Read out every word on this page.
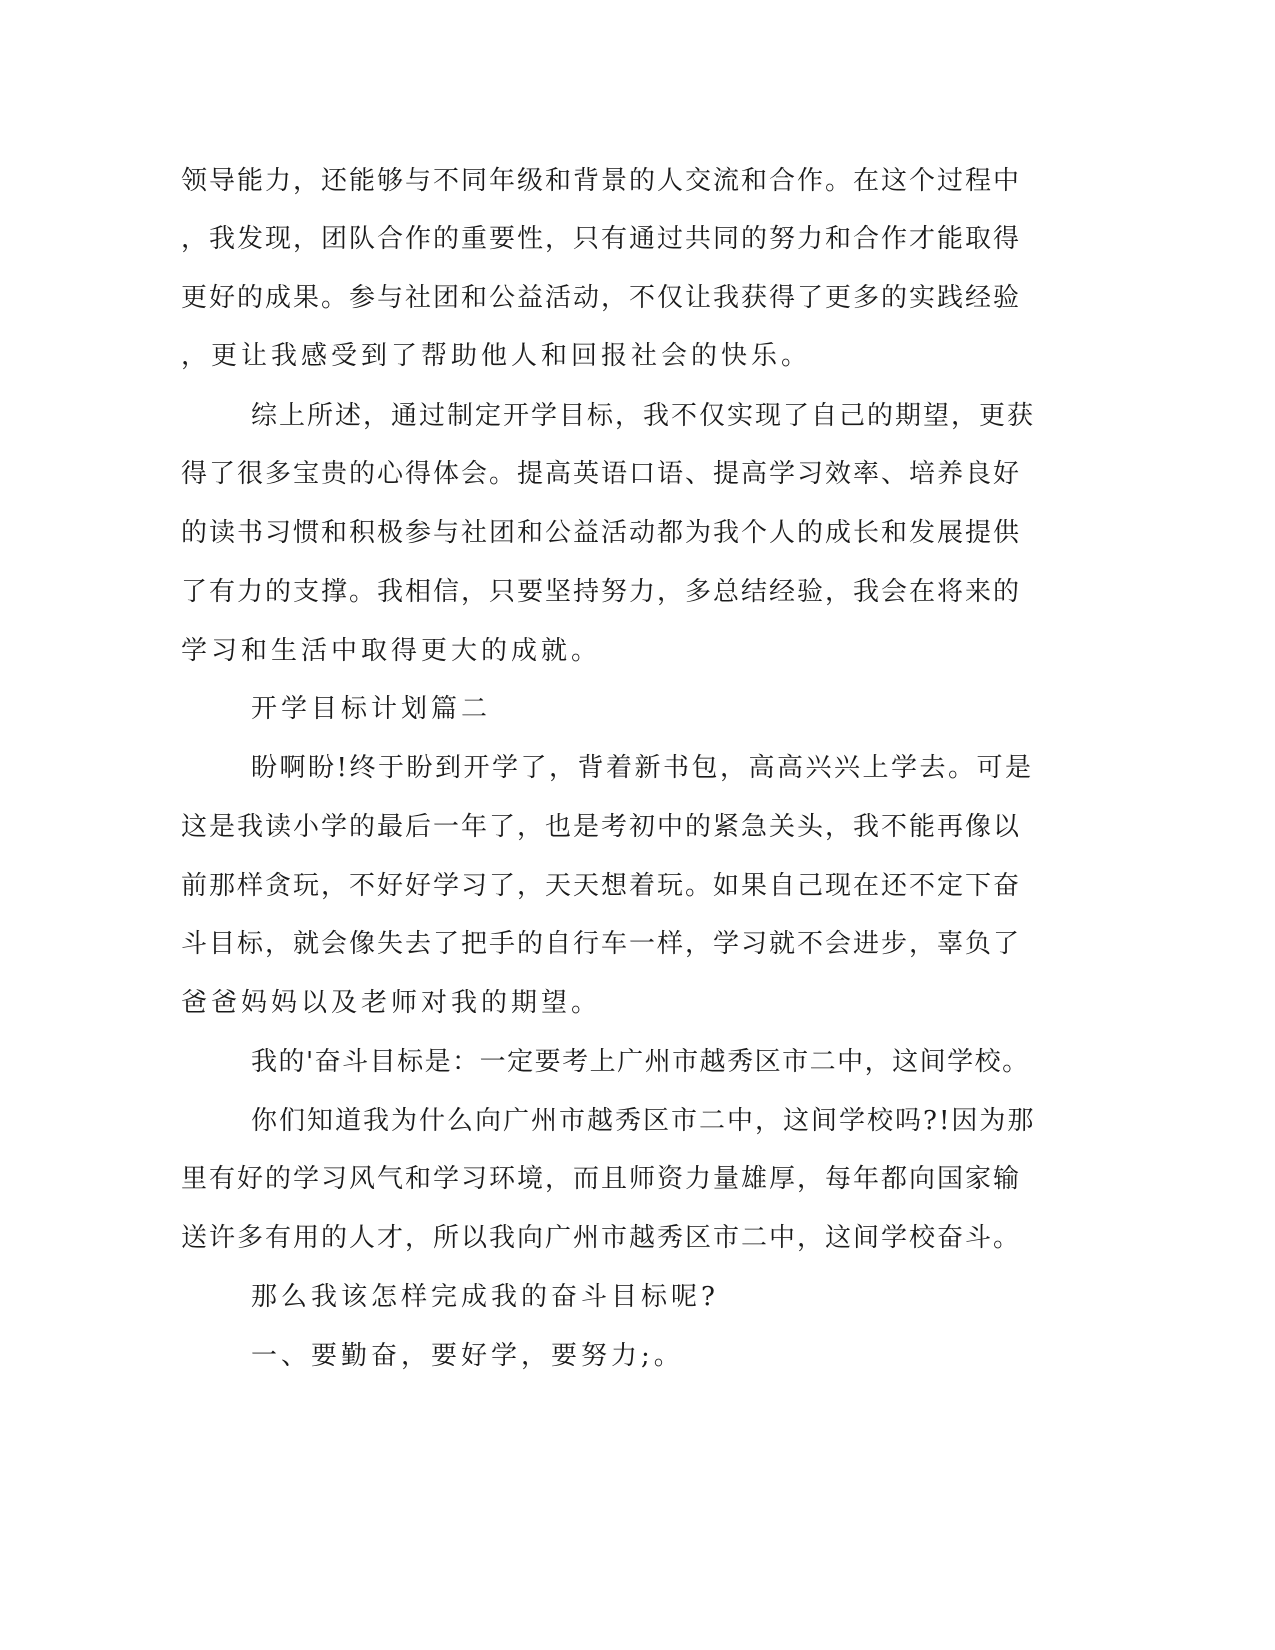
领导能力，还能够与不同年级和背景的人交流和合作。在这个过程中

，我发现，团队合作的重要性，只有通过共同的努力和合作才能取得

更好的成果。参与社团和公益活动，不仅让我获得了更多的实践经验

，更让我感受到了帮助他人和回报社会的快乐。

综上所述，通过制定开学目标，我不仅实现了自己的期望，更获

得了很多宝贵的心得体会。提高英语口语、提高学习效率、培养良好

的读书习惯和积极参与社团和公益活动都为我个人的成长和发展提供

了有力的支撑。我相信，只要坚持努力，多总结经验，我会在将来的

学习和生活中取得更大的成就。

开学目标计划篇二

盼啊盼!终于盼到开学了，背着新书包，高高兴兴上学去。可是

这是我读小学的最后一年了，也是考初中的紧急关头，我不能再像以

前那样贪玩，不好好学习了，天天想着玩。如果自己现在还不定下奋

斗目标，就会像失去了把手的自行车一样，学习就不会进步，辜负了

爸爸妈妈以及老师对我的期望。

我的'奋斗目标是：一定要考上广州市越秀区市二中，这间学校。

你们知道我为什么向广州市越秀区市二中，这间学校吗?!因为那

里有好的学习风气和学习环境，而且师资力量雄厚，每年都向国家输

送许多有用的人才，所以我向广州市越秀区市二中，这间学校奋斗。

那么我该怎样完成我的奋斗目标呢?

一、要勤奋，要好学，要努力;。
